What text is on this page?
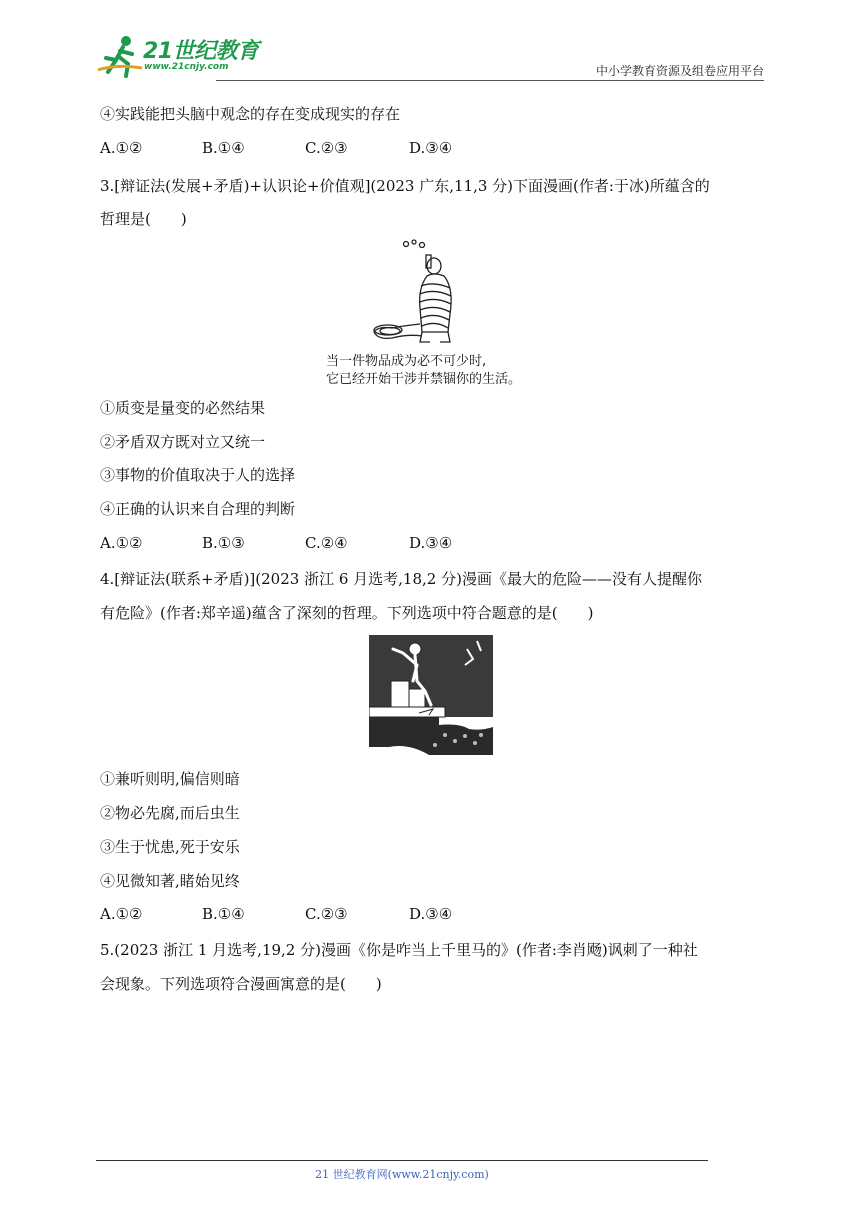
21世纪教育
www.21cnjy.com	中小学教育资源及组卷应用平台
④实践能把头脑中观念的存在变成现实的存在
A.①②	B.①④	C.②③	D.③④
3.[辩证法(发展+矛盾)+认识论+价值观](2023 广东,11,3 分)下面漫画(作者:于冰)所蕴含的
哲理是(　　)
当一件物品成为必不可少时,
它已经开始干涉并禁锢你的生活。
①质变是量变的必然结果
②矛盾双方既对立又统一
③事物的价值取决于人的选择
④正确的认识来自合理的判断
A.①②	B.①③	C.②④	D.③④
4.[辩证法(联系+矛盾)](2023 浙江 6 月选考,18,2 分)漫画《最大的危险——没有人提醒你
有危险》(作者:郑辛遥)蕴含了深刻的哲理。下列选项中符合题意的是(　　)
①兼听则明,偏信则暗
②物必先腐,而后虫生
③生于忧患,死于安乐
④见微知著,睹始见终
A.①②	B.①④	C.②③	D.③④
5.(2023 浙江 1 月选考,19,2 分)漫画《你是咋当上千里马的》(作者:李肖飏)讽刺了一种社
会现象。下列选项符合漫画寓意的是(　　)
21 世纪教育网(www.21cnjy.com)
